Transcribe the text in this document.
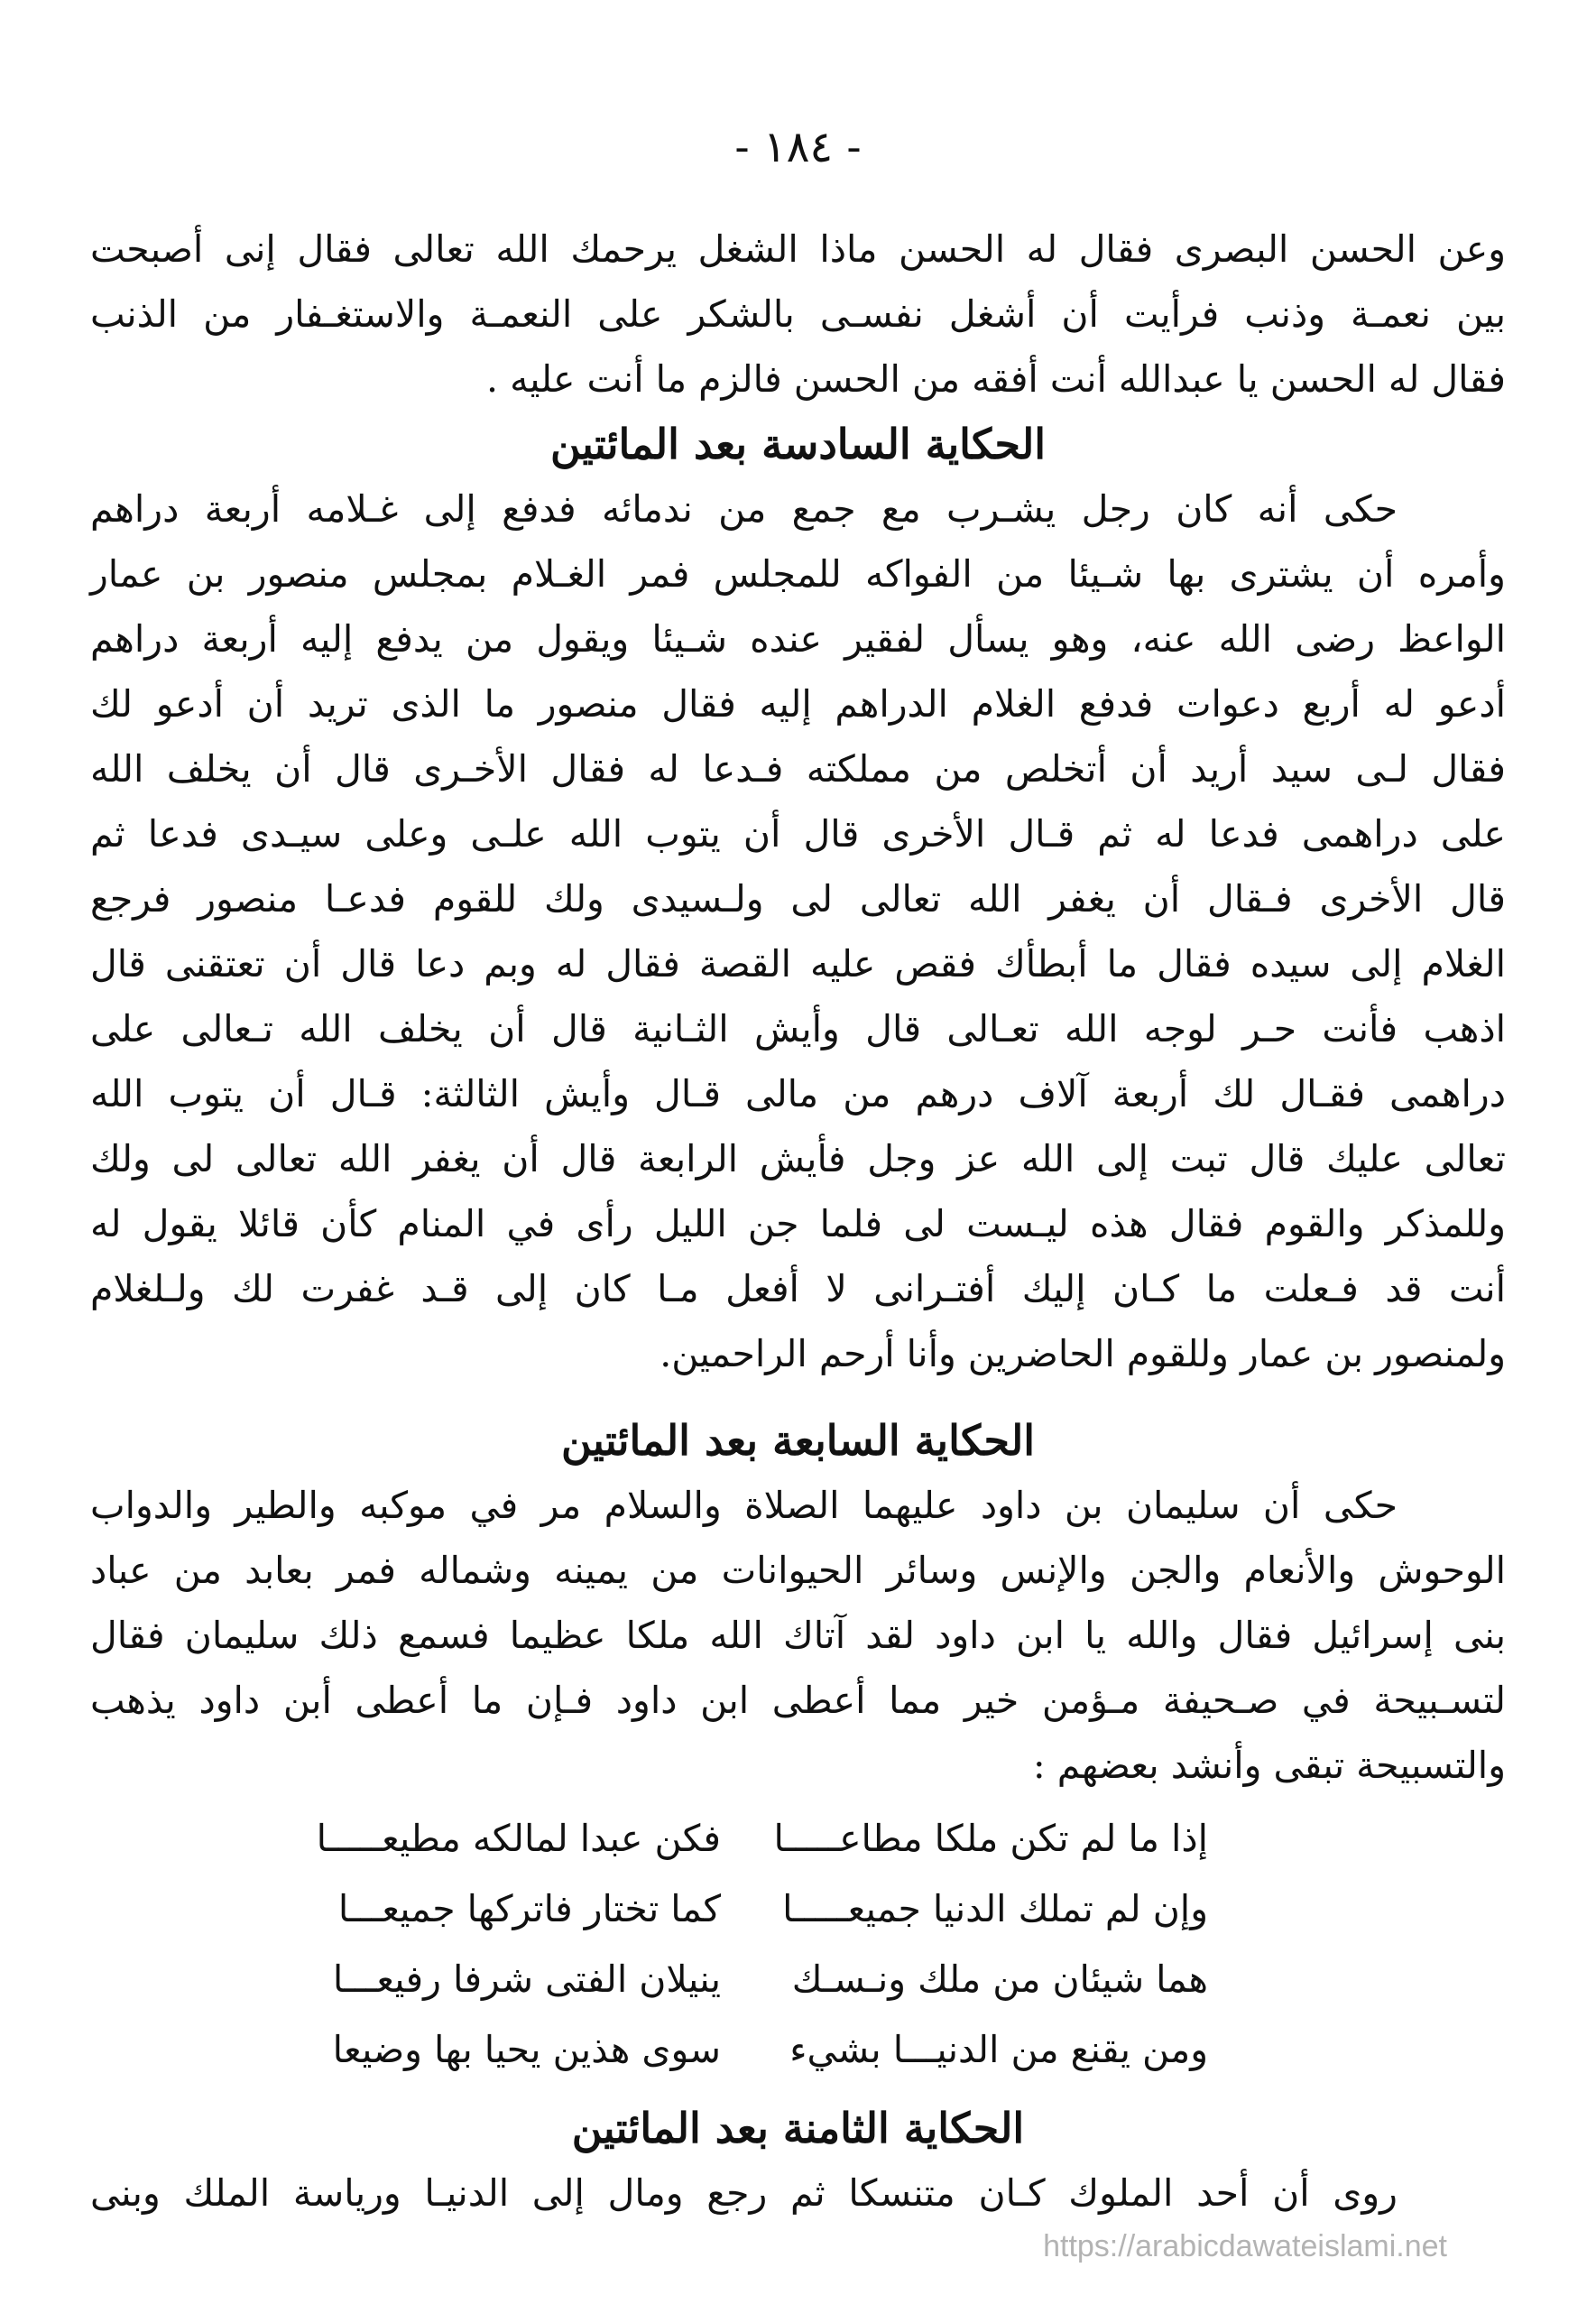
- ١٨٤ -
وعن الحسن البصرى فقال له الحسن ماذا الشغل يرحمك الله تعالى فقال إنى أصبحت
بين نعمـة وذنب فرأيت أن أشغل نفسـى بالشكر على النعمـة والاستغـفار من الذنب
فقال له الحسن يا عبدالله أنت أفقه من الحسن فالزم ما أنت عليه .
الحكاية السادسة بعد المائتين
حكى أنه كان رجل يشـرب مع جمع من ندمائه فدفع إلى غـلامه أربعة دراهم
وأمره أن يشترى بها شـيئا من الفواكه للمجلس فمر الغـلام بمجلس منصور بن عمار
الواعظ رضى الله عنه، وهو يسأل لفقير عنده شـيئا ويقول من يدفع إليه أربعة دراهم
أدعو له أربع دعوات فدفع الغلام الدراهم إليه فقال منصور ما الذى تريد أن أدعو لك
فقال لـى سيد أريد أن أتخلص من مملكته فـدعا له فقال الأخـرى قال أن يخلف الله
على دراهمى فدعا له ثم قـال الأخرى قال أن يتوب الله علـى وعلى سيـدى فدعا ثم
قال الأخرى فـقال أن يغفر الله تعالى لى ولـسيدى ولك للقوم فدعـا منصور فرجع
الغلام إلى سيده فقال ما أبطأك فقص عليه القصة فقال له وبم دعا قال أن تعتقنى قال
اذهب فأنت حـر لوجه الله تعـالى قال وأيش الثـانية قال أن يخلف الله تـعالى على
دراهمى فقـال لك أربعة آلاف درهم من مالى قـال وأيش الثالثة: قـال أن يتوب الله
تعالى عليك قال تبت إلى الله عز وجل فأيش الرابعة قال أن يغفر الله تعالى لى ولك
وللمذكر والقوم فقال هذه ليـست لى فلما جن الليل رأى في المنام كأن قائلا يقول له
أنت قد فـعلت ما كـان إليك أفتـرانى لا أفعل مـا كان إلى قـد غفرت لك ولـلغلام
ولمنصور بن عمار وللقوم الحاضرين وأنا أرحم الراحمين.
الحكاية السابعة بعد المائتين
حكى أن سليمان بن داود عليهما الصلاة والسلام مر في موكبه والطير والدواب
الوحوش والأنعام والجن والإنس وسائر الحيوانات من يمينه وشماله فمر بعابد من عباد
بنى إسرائيل فقال والله يا ابن داود لقد آتاك الله ملكا عظيما فسمع ذلك سليمان فقال
لتسـبيحة في صـحيفة مـؤمن خير مما أعطى ابن داود فـإن ما أعطى أبن داود يذهب
والتسبيحة تبقى وأنشد بعضهم :
إذا ما لم تكن ملكا مطاعـــــا
فكن عبدا لمالكه مطيعـــــا
وإن لم تملك الدنيا جميعـــــا
كما تختار فاتركها جميعـــا
هما شيئان من ملك ونـسـك
ينيلان الفتى شرفا رفيعـــا
ومن يقنع من الدنيـــا بشيء
سوى هذين يحيا بها وضيعا
الحكاية الثامنة بعد المائتين
روى أن أحد الملوك كـان متنسكا ثم رجع ومال إلى الدنيـا ورياسة الملك وبنى
https://arabicdawateislami.net
